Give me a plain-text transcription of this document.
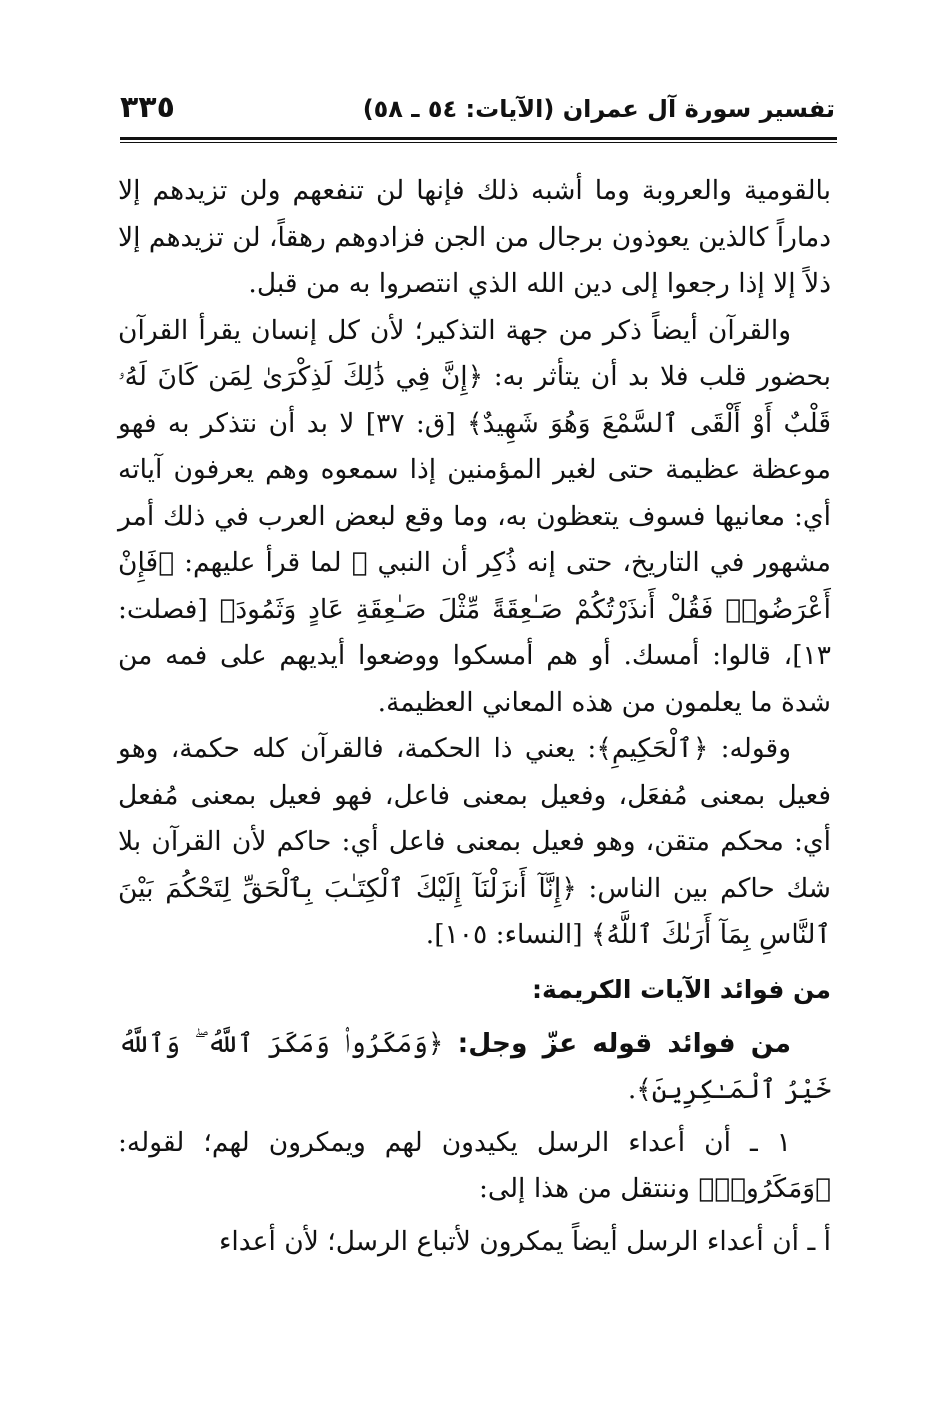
تفسير سورة آل عمران (الآيات: ٥٤ ـ ٥٨)
٣٣٥

بالقومية والعروبة وما أشبه ذلك فإنها لن تنفعهم ولن تزيدهم إلا دماراً كالذين يعوذون برجال من الجن فزادوهم رهقاً، لن تزيدهم إلا ذلاً إلا إذا رجعوا إلى دين الله الذي انتصروا به من قبل.

والقرآن أيضاً ذكر من جهة التذكير؛ لأن كل إنسان يقرأ القرآن بحضور قلب فلا بد أن يتأثر به: ﴿إِنَّ فِي ذَٰلِكَ لَذِكْرَىٰ لِمَن كَانَ لَهُۥ قَلْبٌ أَوْ أَلْقَى ٱلسَّمْعَ وَهُوَ شَهِيدٌ﴾ [ق: ٣٧] لا بد أن نتذكر به فهو موعظة عظيمة حتى لغير المؤمنين إذا سمعوه وهم يعرفون آياته أي: معانيها فسوف يتعظون به، وما وقع لبعض العرب في ذلك أمر مشهور في التاريخ، حتى إنه ذُكِر أن النبي ﷺ لما قرأ عليهم: ﴿فَإِنْ أَعْرَضُوا۟ فَقُلْ أَنذَرْتُكُمْ صَـٰعِقَةً مِّثْلَ صَـٰعِقَةِ عَادٍ وَثَمُودَ﴾ [فصلت: ١٣]، قالوا: أمسك. أو هم أمسكوا ووضعوا أيديهم على فمه من شدة ما يعلمون من هذه المعاني العظيمة.

وقوله: ﴿ٱلْحَكِيمِ﴾: يعني ذا الحكمة، فالقرآن كله حكمة، وهو فعيل بمعنى مُفعَل، وفعيل بمعنى فاعل، فهو فعيل بمعنى مُفعل أي: محكم متقن، وهو فعيل بمعنى فاعل أي: حاكم لأن القرآن بلا شك حاكم بين الناس: ﴿إِنَّآ أَنزَلْنَآ إِلَيْكَ ٱلْكِتَـٰبَ بِٱلْحَقِّ لِتَحْكُمَ بَيْنَ ٱلنَّاسِ بِمَآ أَرَىٰكَ ٱللَّهُ﴾ [النساء: ١٠٥].

من فوائد الآيات الكريمة:

من فوائد قوله عزّ وجل: ﴿وَمَكَرُوا۟ وَمَكَرَ ٱللَّهُ ۖ وَٱللَّهُ خَيْرُ ٱلْمَـٰكِرِينَ﴾.

١ ـ أن أعداء الرسل يكيدون لهم ويمكرون لهم؛ لقوله: ﴿وَمَكَرُوا۟﴾ وننتقل من هذا إلى:

أ ـ أن أعداء الرسل أيضاً يمكرون لأتباع الرسل؛ لأن أعداء
